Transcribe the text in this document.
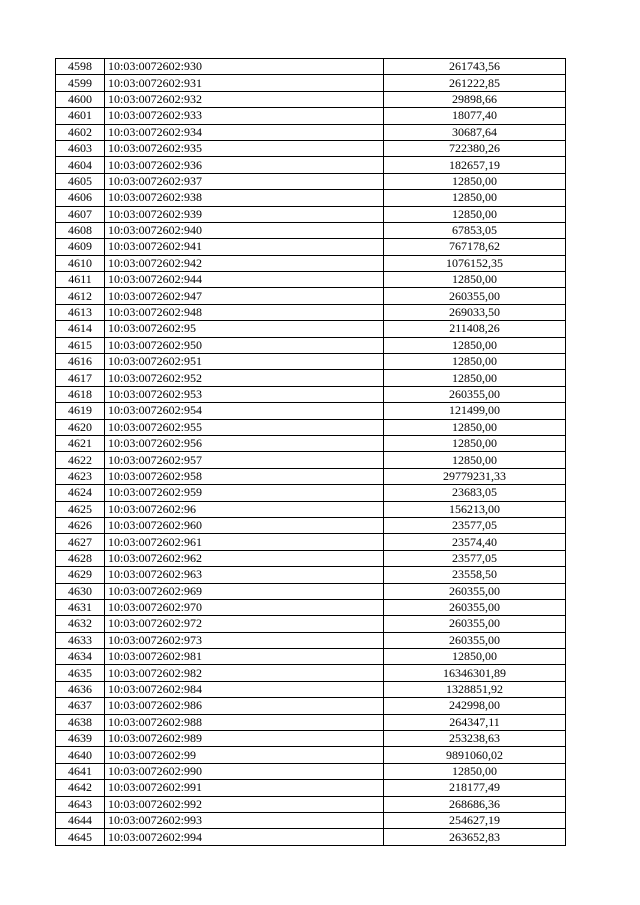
4598	10:03:0072602:930	261743,56
4599	10:03:0072602:931	261222,85
4600	10:03:0072602:932	29898,66
4601	10:03:0072602:933	18077,40
4602	10:03:0072602:934	30687,64
4603	10:03:0072602:935	722380,26
4604	10:03:0072602:936	182657,19
4605	10:03:0072602:937	12850,00
4606	10:03:0072602:938	12850,00
4607	10:03:0072602:939	12850,00
4608	10:03:0072602:940	67853,05
4609	10:03:0072602:941	767178,62
4610	10:03:0072602:942	1076152,35
4611	10:03:0072602:944	12850,00
4612	10:03:0072602:947	260355,00
4613	10:03:0072602:948	269033,50
4614	10:03:0072602:95	211408,26
4615	10:03:0072602:950	12850,00
4616	10:03:0072602:951	12850,00
4617	10:03:0072602:952	12850,00
4618	10:03:0072602:953	260355,00
4619	10:03:0072602:954	121499,00
4620	10:03:0072602:955	12850,00
4621	10:03:0072602:956	12850,00
4622	10:03:0072602:957	12850,00
4623	10:03:0072602:958	29779231,33
4624	10:03:0072602:959	23683,05
4625	10:03:0072602:96	156213,00
4626	10:03:0072602:960	23577,05
4627	10:03:0072602:961	23574,40
4628	10:03:0072602:962	23577,05
4629	10:03:0072602:963	23558,50
4630	10:03:0072602:969	260355,00
4631	10:03:0072602:970	260355,00
4632	10:03:0072602:972	260355,00
4633	10:03:0072602:973	260355,00
4634	10:03:0072602:981	12850,00
4635	10:03:0072602:982	16346301,89
4636	10:03:0072602:984	1328851,92
4637	10:03:0072602:986	242998,00
4638	10:03:0072602:988	264347,11
4639	10:03:0072602:989	253238,63
4640	10:03:0072602:99	9891060,02
4641	10:03:0072602:990	12850,00
4642	10:03:0072602:991	218177,49
4643	10:03:0072602:992	268686,36
4644	10:03:0072602:993	254627,19
4645	10:03:0072602:994	263652,83
